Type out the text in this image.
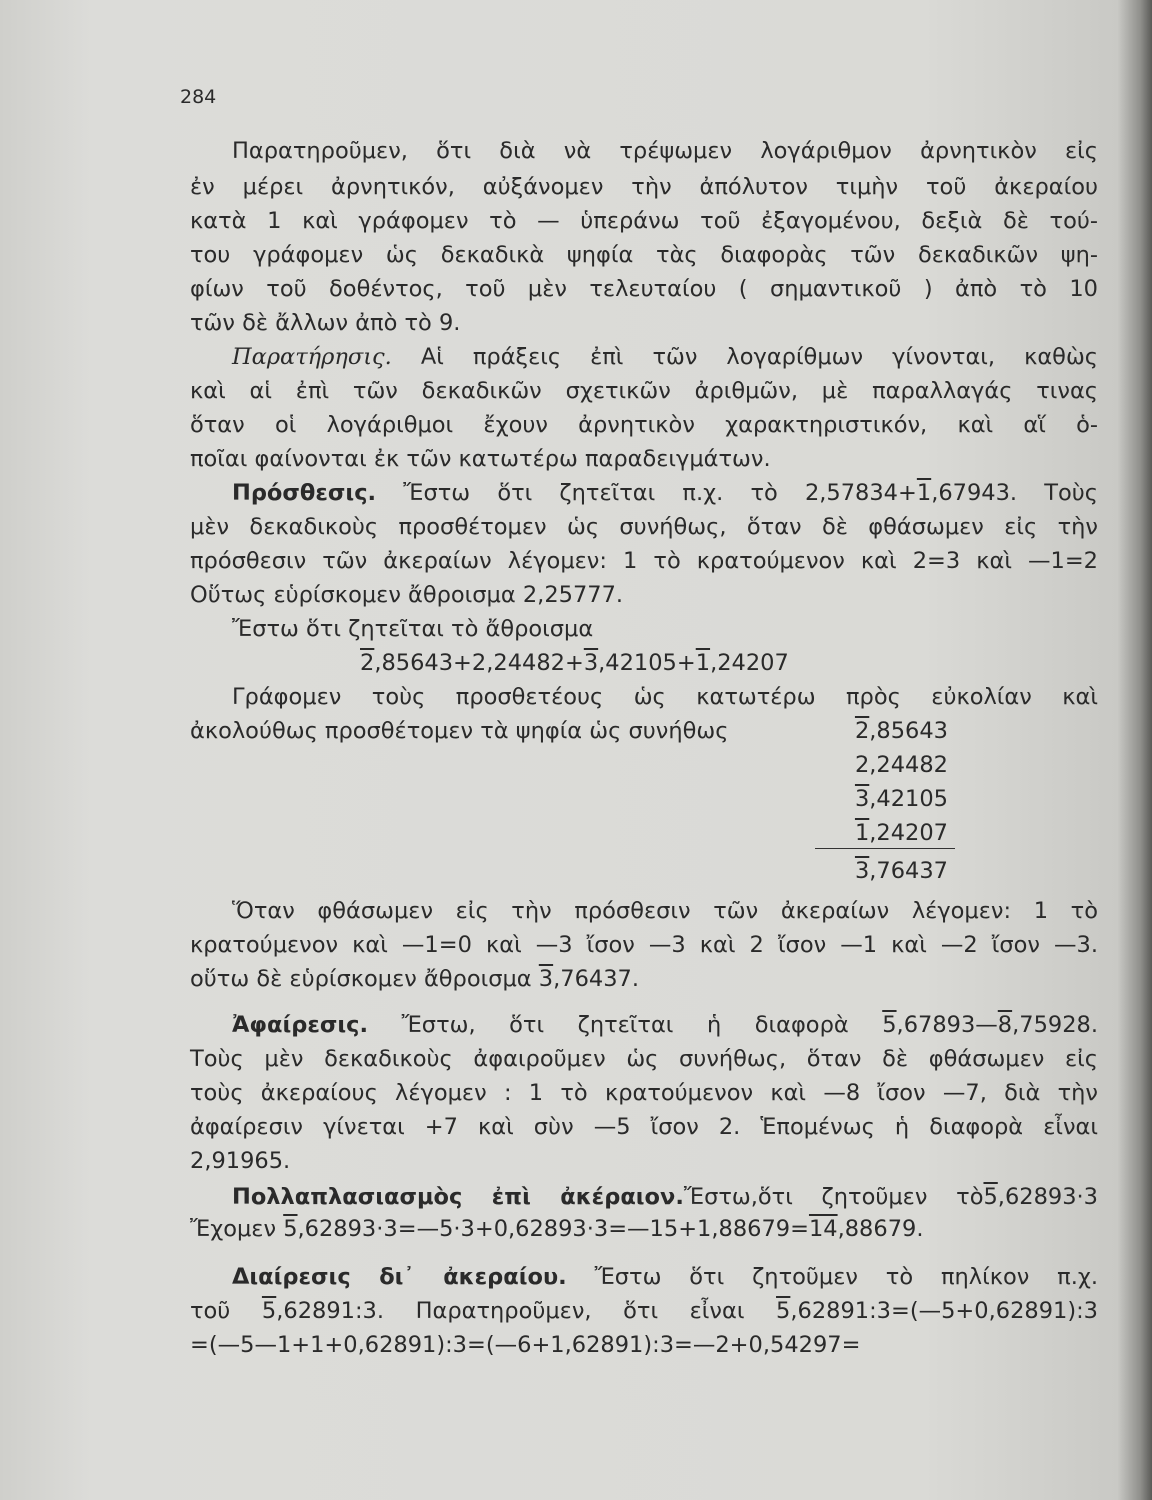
284
Παρατηροῦμεν, ὅτι διὰ νὰ τρέψωμεν λογάριθμον ἀρνητικὸν εἰς
ἐν μέρει ἀρνητικόν, αὐξάνομεν τὴν ἀπόλυτον τιμὴν τοῦ ἀκεραίου
κατὰ 1 καὶ γράφομεν τὸ — ὑπεράνω τοῦ ἐξαγομένου, δεξιὰ δὲ τού-
του γράφομεν ὡς δεκαδικὰ ψηφία τὰς διαφορὰς τῶν δεκαδικῶν ψη-
φίων τοῦ δοθέντος, τοῦ μὲν τελευταίου ( σημαντικοῦ ) ἀπὸ τὸ 10
τῶν δὲ ἄλλων ἀπὸ τὸ 9.
Παρατήρησις. Αἱ πράξεις ἐπὶ τῶν λογαρίθμων γίνονται, καθὼς
καὶ αἱ ἐπὶ τῶν δεκαδικῶν σχετικῶν ἀριθμῶν, μὲ παραλλαγάς τινας
ὅταν οἱ λογάριθμοι ἔχουν ἀρνητικὸν χαρακτηριστικόν, καὶ αἵ ὁ-
ποῖαι φαίνονται ἐκ τῶν κατωτέρω παραδειγμάτων.
Πρόσθεσις. Ἔστω ὅτι ζητεῖται π.χ. τὸ 2,57834+1,67943. Τοὺς
μὲν δεκαδικοὺς προσθέτομεν ὡς συνήθως, ὅταν δὲ φθάσωμεν εἰς τὴν
πρόσθεσιν τῶν ἀκεραίων λέγομεν: 1 τὸ κρατούμενον καὶ 2=3 καὶ —1=2
Οὕτως εὑρίσκομεν ἄθροισμα 2,25777.
Ἔστω ὅτι ζητεῖται τὸ ἄθροισμα
2,85643+2,24482+3,42105+1,24207
Γράφομεν τοὺς προσθετέους ὡς κατωτέρω πρὸς εὐκολίαν καὶ
ἀκολούθως προσθέτομεν τὰ ψηφία ὡς συνήθως	2,85643
2,24482
3,42105
1,24207
3,76437
Ὅταν φθάσωμεν εἰς τὴν πρόσθεσιν τῶν ἀκεραίων λέγομεν: 1 τὸ
κρατούμενον καὶ —1=0 καὶ —3 ἴσον —3 καὶ 2 ἴσον —1 καὶ —2 ἴσον —3.
οὕτω δὲ εὑρίσκομεν ἄθροισμα 3,76437.
Ἀφαίρεσις. Ἔστω, ὅτι ζητεῖται ἡ διαφορὰ 5,67893—8,75928.
Τοὺς μὲν δεκαδικοὺς ἀφαιροῦμεν ὡς συνήθως, ὅταν δὲ φθάσωμεν εἰς
τοὺς ἀκεραίους λέγομεν : 1 τὸ κρατούμενον καὶ —8 ἴσον —7, διὰ τὴν
ἀφαίρεσιν γίνεται +7 καὶ σὺν —5 ἴσον 2. Ἑπομένως ἡ διαφορὰ εἶναι
2,91965.
Πολλαπλασιασμὸς ἐπὶ ἀκέραιον.Ἔστω,ὅτι ζητοῦμεν τὸ5,62893·3
Ἔχομεν 5,62893·3=—5·3+0,62893·3=—15+1,88679=14,88679.
Διαίρεσις δι᾽ ἀκεραίου. Ἔστω ὅτι ζητοῦμεν τὸ πηλίκον π.χ.
τοῦ 5,62891:3. Παρατηροῦμεν, ὅτι εἶναι 5,62891:3=(—5+0,62891):3
=(—5—1+1+0,62891):3=(—6+1,62891):3=—2+0,54297=
